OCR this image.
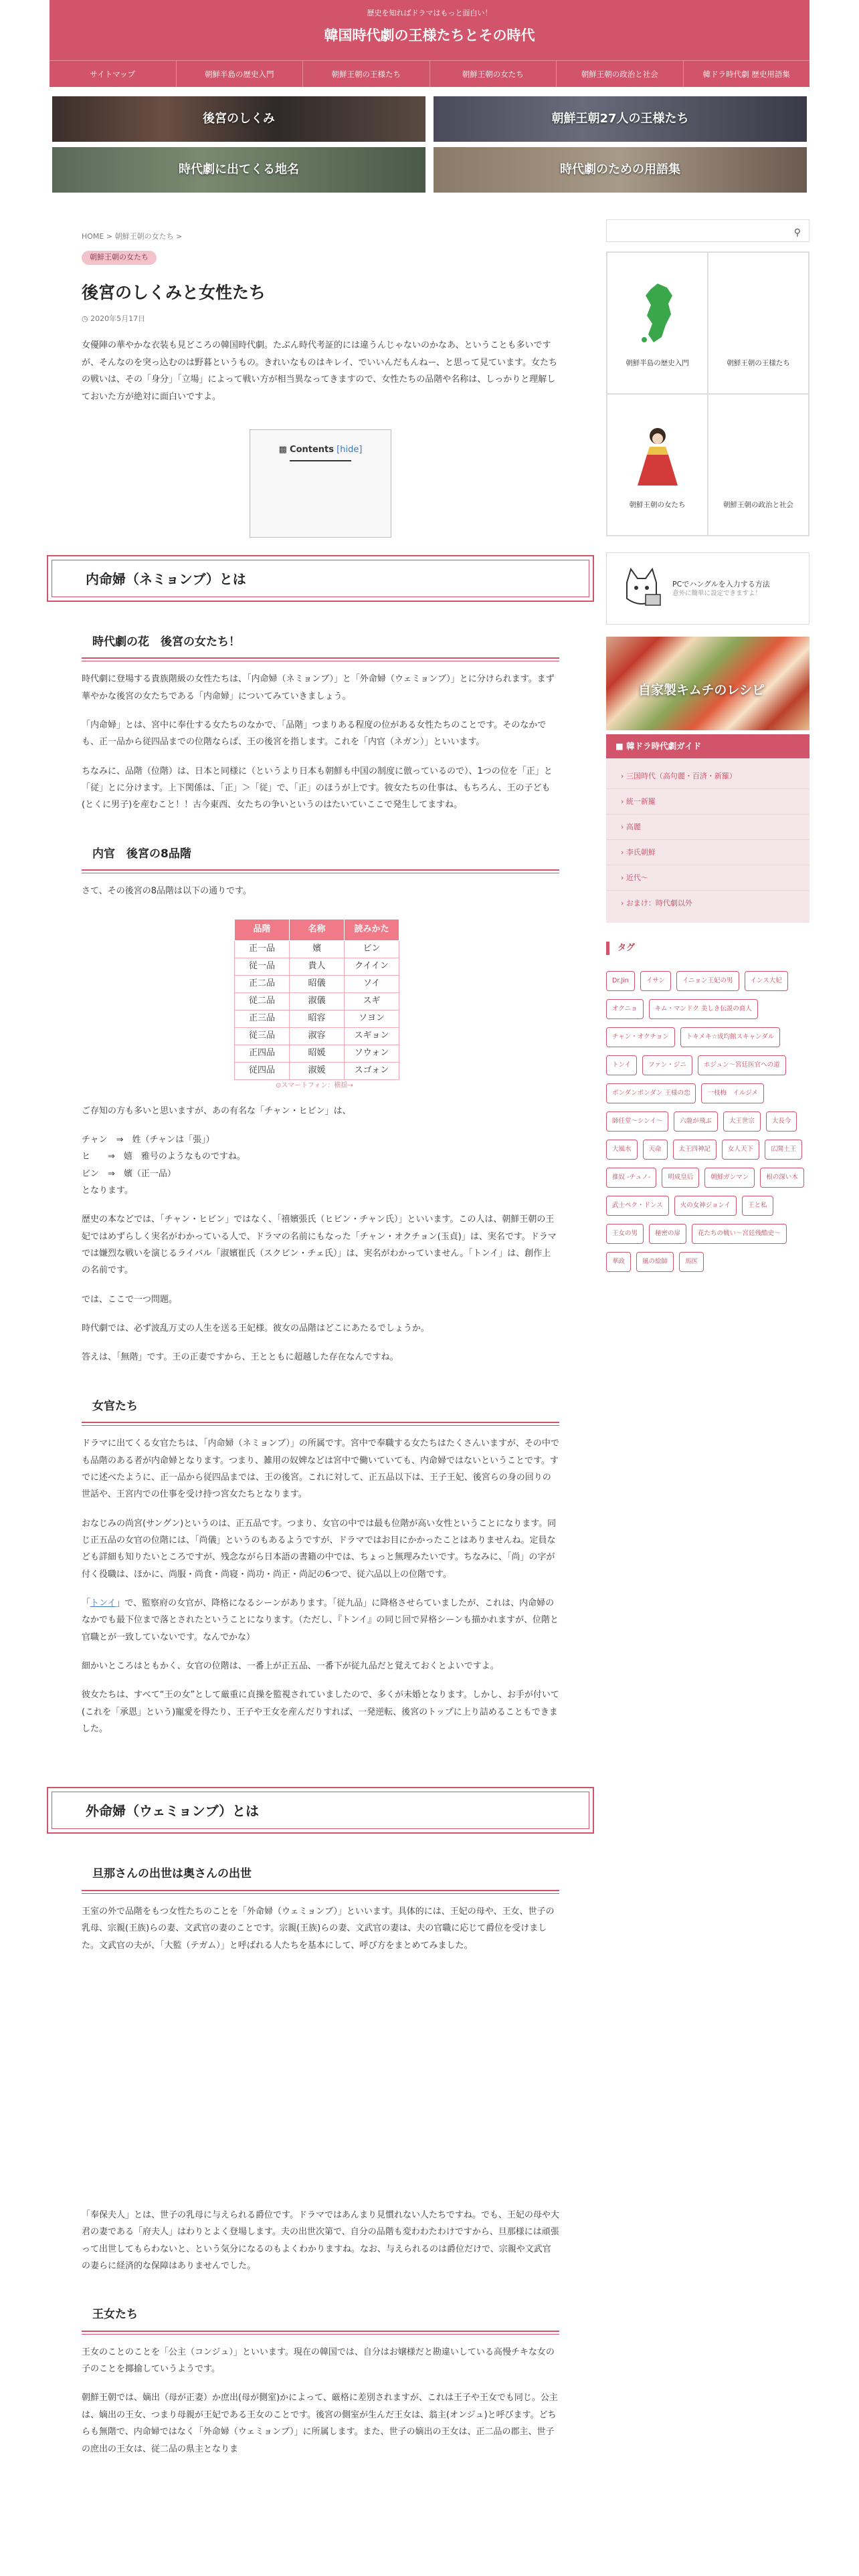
歴史を知ればドラマはもっと面白い！
韓国時代劇の王様たちとその時代
サイトマップ	朝鮮半島の歴史入門	朝鮮王朝の王様たち	朝鮮王朝の女たち	朝鮮王朝の政治と社会	韓ドラ時代劇 歴史用語集
後宮のしくみ	朝鮮王朝27人の王様たち
時代劇に出てくる地名	時代劇のための用語集
HOME > 朝鮮王朝の女たち >
朝鮮王朝の女たち
後宮のしくみと女性たち
◷ 2020年5月17日

女優陣の華やかな衣装も見どころの韓国時代劇。たぶん時代考証的には違うんじゃないのかなあ、ということも多いですが、そんなのを突っ込むのは野暮というもの。きれいなものはキレイ、でいいんだもんねー、と思って見ています。女たちの戦いは、その「身分」「立場」によって戦い方が相当異なってきますので、女性たちの品階や名称は、しっかりと理解しておいた方が絶対に面白いですよ。

▩ Contents [hide]
内命婦（ネミョンブ）とは
時代劇の花　後宮の女たち！

時代劇に登場する貴族階級の女性たちは、「内命婦（ネミョンブ）」と「外命婦（ウェミョンブ）」とに分けられます。まず華やかな後宮の女たちである「内命婦」についてみていきましょう。

「内命婦」とは、宮中に奉仕する女たちのなかで、「品階」つまりある程度の位がある女性たちのことです。そのなかでも、正一品から従四品までの位階ならば、王の後宮を指します。これを「内官（ネガン）」といいます。

ちなみに、品階（位階）は、日本と同様に（というより日本も朝鮮も中国の制度に倣っているので）、1つの位を「正」と「従」とに分けます。上下関係は、「正」＞「従」で、「正」のほうが上です。彼女たちの仕事は、もちろん、王の子ども(とくに男子)を産むこと！！古今東西、女たちの争いというのはたいていここで発生してますね。

内官　後宮の8品階

さて、その後宮の8品階は以下の通りです。

品階	名称	読みかた
正一品	嬪	ビン
従一品	貴人	クイイン
正二品	昭儀	ソイ
従二品	淑儀	スギ
正三品	昭容	ソヨン
従三品	淑容	スギョン
正四品	昭媛	ソウォン
従四品	淑媛	スゴォン
⊙スマートフォン：横揺→

ご存知の方も多いと思いますが、あの有名な「チャン・ヒビン」は、

チャン　⇒　姓（チャンは「張」）
ヒ　　⇒　嬉　雅号のようなものですね。
ビン　⇒　嬪（正一品）
となります。

歴史の本などでは、「チャン・ヒビン」ではなく、「禧嬪張氏（ヒビン・チャン氏）」といいます。この人は、朝鮮王朝の王妃ではめずらしく実名がわかっている人で、ドラマの名前にもなった「チャン・オクチョン(玉貞)」は、実名です。ドラマでは嫌烈な戦いを演じるライバル「淑嬪崔氏（スクビン・チェ氏）」は、実名がわかっていません。「トンイ」は、創作上の名前です。

では、ここで一つ問題。

時代劇では、必ず波乱万丈の人生を送る王妃様。彼女の品階はどこにあたるでしょうか。

答えは、「無階」です。王の正妻ですから、王とともに超越した存在なんですね。

女官たち

ドラマに出てくる女官たちは、「内命婦（ネミョンブ）」の所属です。宮中で奉職する女たちはたくさんいますが、その中でも品階のある者が内命婦となります。つまり、雑用の奴婢などは宮中で働いていても、内命婦ではないということです。すでに述べたように、正一品から従四品までは、王の後宮。これに対して、正五品以下は、王子王妃、後宮らの身の回りの世話や、王宮内での仕事を受け持つ宮女たちとなります。

おなじみの尚宮(サングン)というのは、正五品です。つまり、女官の中では最も位階が高い女性ということになります。同じ正五品の女官の位階には、「尚儀」というのもあるようですが、ドラマではお目にかかったことはありませんね。定員なども詳細も知りたいところですが、残念ながら日本語の書籍の中では、ちょっと無理みたいです。ちなみに、「尚」の字が付く役職は、ほかに、尚服・尚食・尚寝・尚功・尚正・尚記の6つで、従六品以上の位階です。

「トンイ」で、監察府の女官が、降格になるシーンがあります。「従九品」に降格させらていましたが、これは、内命婦のなかでも最下位まで落とされたということになります。（ただし、『トンイ』の同じ回で昇格シーンも描かれますが、位階と官職とが一致していないです。なんでかな）

細かいところはともかく、女官の位階は、一番上が正五品、一番下が従九品だと覚えておくとよいですよ。

彼女たちは、すべて“王の女”として厳重に貞操を監視されていましたので、多くが未婚となります。しかし、お手が付いて(これを「承恩」という)寵愛を得たり、王子や王女を産んだりすれば、一発逆転、後宮のトップに上り詰めることもできました。

外命婦（ウェミョンブ）とは
旦那さんの出世は奥さんの出世

王室の外で品階をもつ女性たちのことを「外命婦（ウェミョンブ）」といいます。具体的には、王妃の母や、王女、世子の乳母、宗親(王族)らの妻、文武官の妻のことです。宗親(王族)らの妻、文武官の妻は、夫の官職に応じて爵位を受けました。文武官の夫が、「大監（テガム）」と呼ばれる人たちを基本にして、呼び方をまとめてみました。

「奉保夫人」とは、世子の乳母に与えられる爵位です。ドラマではあんまり見慣れない人たちですね。でも、王妃の母や大君の妻である「府夫人」はわりとよく登場します。夫の出世次第で、自分の品階も変わわたわけですから、旦那様には頑張って出世してもらわないと、という気分になるのもよくわかりますね。なお、与えられるのは爵位だけで、宗親や文武官の妻らに経済的な保障はありませんでした。

王女たち

王女のことのことを「公主（コンジュ）」といいます。現在の韓国では、自分はお嬢様だと勘違いしている高慢チキな女の子のことを揶揄していうようです。

朝鮮王朝では、嫡出（母が正妻）か庶出(母が側室)かによって、厳格に差別されますが、これは王子や王女でも同じ。公主は、嫡出の王女、つまり母親が王妃である王女のことです。後宮の側室が生んだ王女は、翁主(オンジュ)と呼びます。どちらも無階で、内命婦ではなく「外命婦（ウェミョンブ）」に所属します。また、世子の嫡出の王女は、正二品の郡主、世子の庶出の王女は、従二品の県主となりま

⚲
朝鮮半島の歴史入門	朝鮮王朝の王様たち
朝鮮王朝の女たち	朝鮮王朝の政治と社会
PCでハングルを入力する方法
意外に簡単に設定できますよ！
自家製キムチのレシピ
■ 韓ドラ時代劇ガイド
› 三国時代（高句麗・百済・新羅）
› 統一新羅
› 高麗
› 李氏朝鮮
› 近代〜
› おまけ：時代劇以外
タグ
Dr.Jin	イサン	イニョン王妃の男	インス大妃
オクニョ	キム・マンドク 美しき伝説の商人
チャン・オクチョン	トキメキ☆成均館スキャンダル
トンイ	ファン・ジニ	ホジュン〜宮廷医官への道
ポンダンポンダン 王様の恋	一枝梅　イルジメ
師任堂〜シンイ〜	六龍が飛ぶ	大王世宗	大長今
大風水	天命	太王四神記	女人天下	広開土王
推奴 -チュノ-	明成皇后	朝鮮ガンマン	根の深い木
武士ペク・ドンス	火の女神ジョンイ	王と私
王女の男	秘密の扉	花たちの戦い〜宮廷残酷史〜
華政	風の絵師	馬医
